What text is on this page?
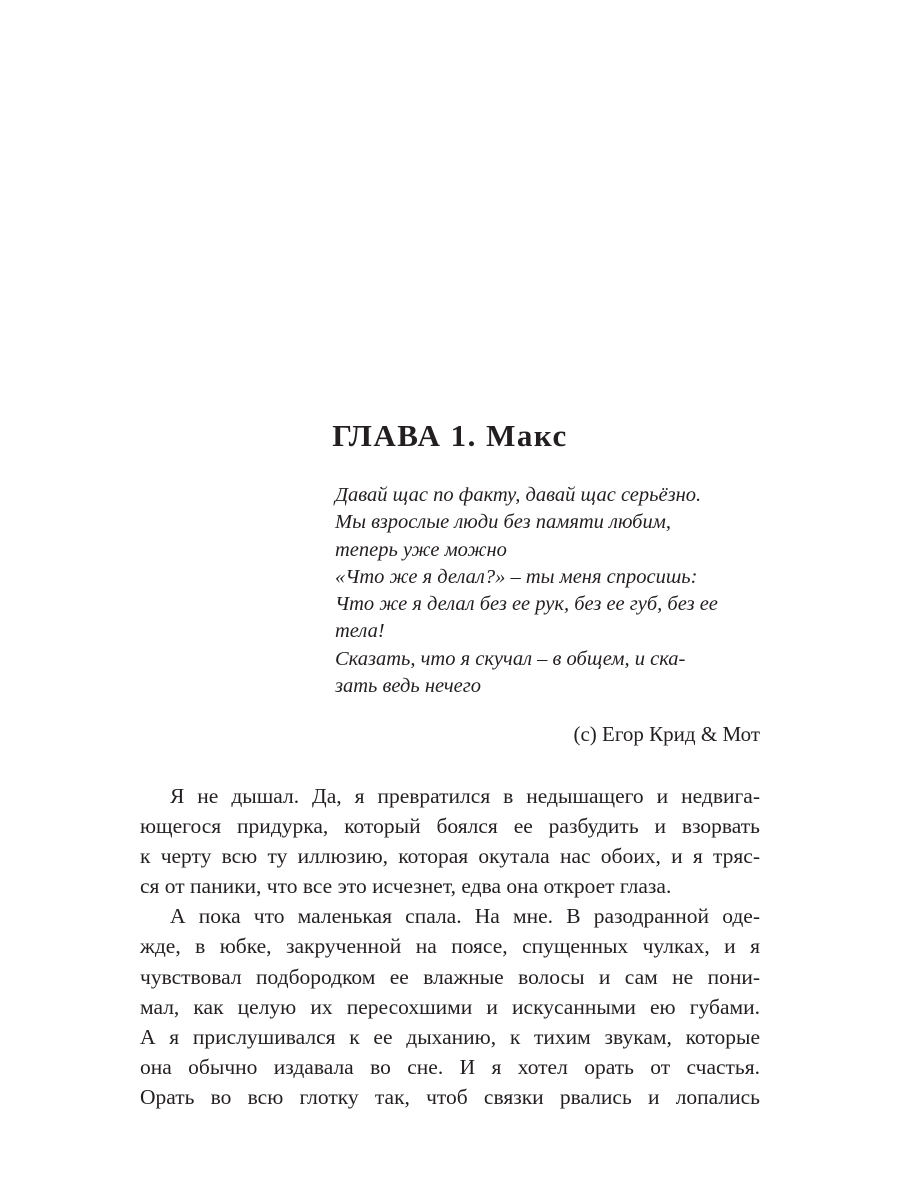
ГЛАВА 1. Макс
Давай щас по факту, давай щас серьёзно.
Мы взрослые люди без памяти любим,
теперь уже можно
«Что же я делал?» – ты меня спросишь:
Что же я делал без ее рук, без ее губ, без ее
тела!
Сказать, что я скучал – в общем, и ска-
зать ведь нечего
(с) Егор Крид & Мот
Я не дышал. Да, я превратился в недышащего и недвига-
ющегося придурка, который боялся ее разбудить и взорвать
к черту всю ту иллюзию, которая окутала нас обоих, и я тряс-
ся от паники, что все это исчезнет, едва она откроет глаза.
А пока что маленькая спала. На мне. В разодранной оде-
жде, в юбке, закрученной на поясе, спущенных чулках, и я
чувствовал подбородком ее влажные волосы и сам не пони-
мал, как целую их пересохшими и искусанными ею губами.
А я прислушивался к ее дыханию, к тихим звукам, которые
она обычно издавала во сне. И я хотел орать от счастья.
Орать во всю глотку так, чтоб связки рвались и лопались
